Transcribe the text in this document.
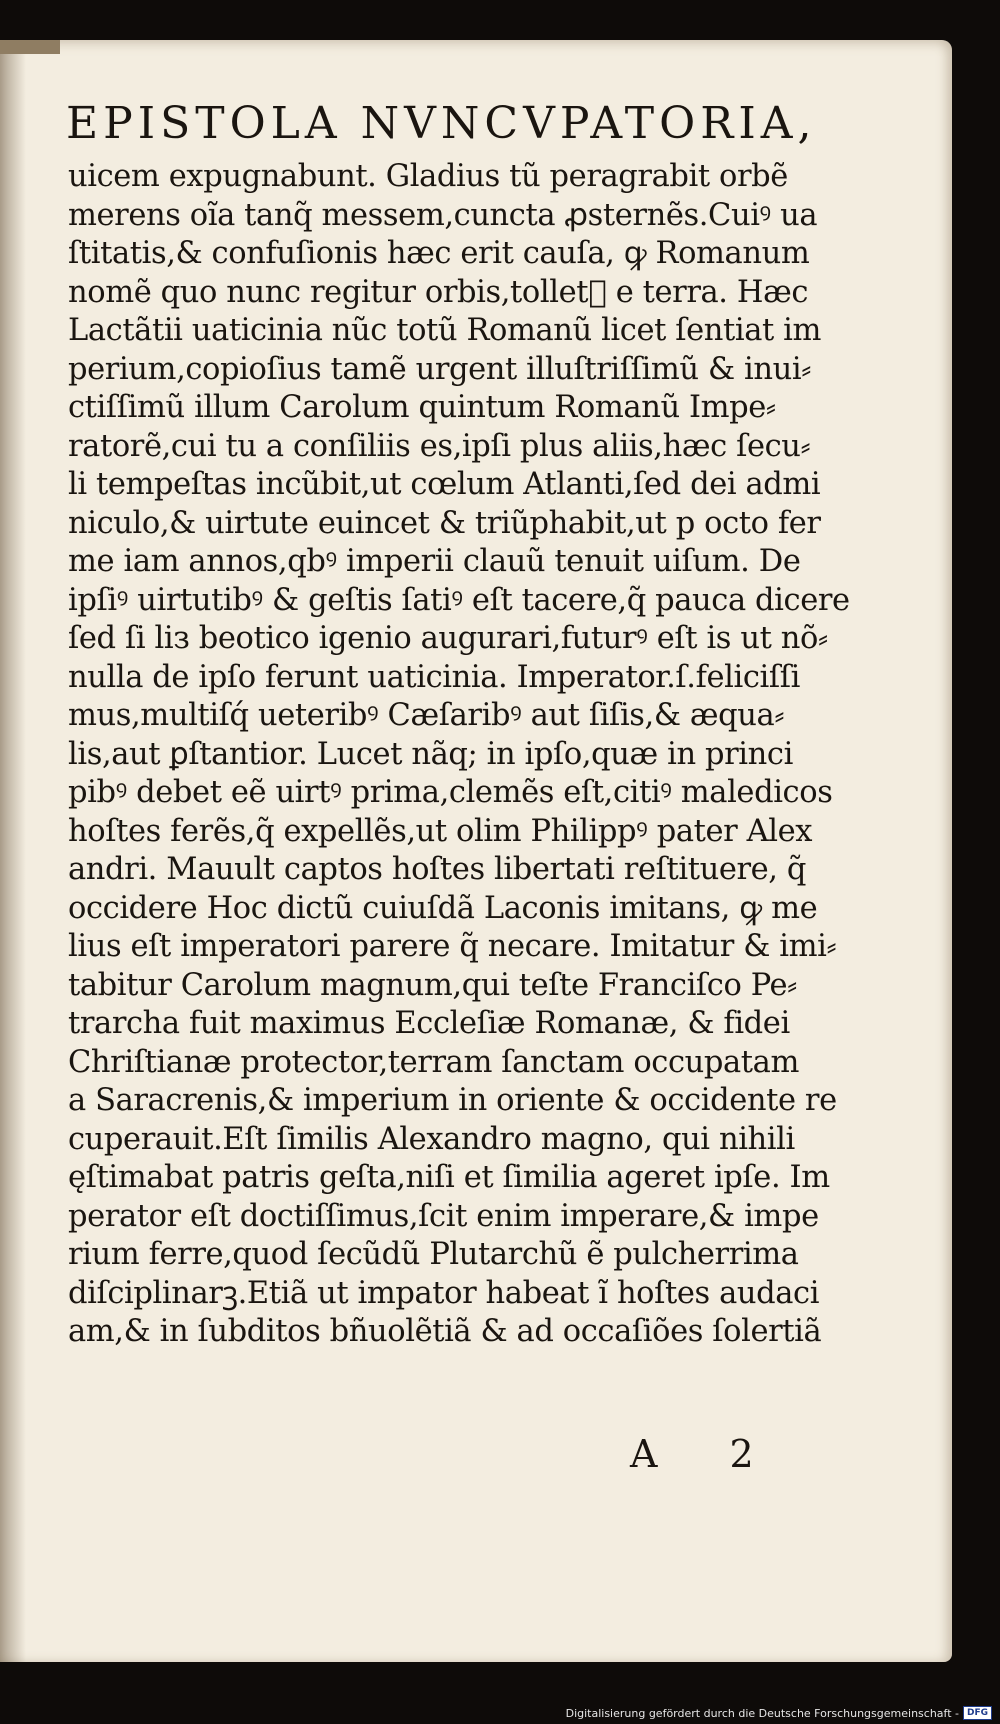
EPISTOLA NVNCVPATORIA,
uicem expugnabunt. Gladius tũ peragrabit orbẽ
merens oĩa tanq̃ messem,cuncta ꝓsternẽs.Cuiꝰ ua
ſtitatis,& confuſionis hæc erit cauſa, ꝙ Romanum
nomẽ quo nunc regitur orbis,tolletᷣ e terra. Hæc
Lactãtii uaticinia nũc totũ Romanũ licet ſentiat im
perium,copioſius tamẽ urgent illuſtriſſimũ & inui⸗
ctiſſimũ illum Carolum quintum Romanũ Impe⸗
ratorẽ,cui tu a conſiliis es,ipſi plus aliis,hæc ſecu⸗
li tempeſtas incũbit,ut cœlum Atlanti,ſed dei admi
niculo,& uirtute euincet & triũphabit,ut p octo fer
me iam annos,qbꝰ imperii clauũ tenuit uiſum. De
ipſiꝰ uirtutibꝰ & geſtis ſatiꝰ eſt tacere,q̃ pauca dicere
ſed ſi liз beotico igenio augurari,futurꝰ eſt is ut nõ⸗
nulla de ipſo ferunt uaticinia. Imperator.ſ.feliciſſi
mus,multiſq́ ueteribꝰ Cæſaribꝰ aut ſiſis,& æqua⸗
lis,aut ꝑſtantior. Lucet nãq; in ipſo,quæ in princi
pibꝰ debet eẽ uirtꝰ prima,clemẽs eſt,citiꝰ maledicos
hoſtes ferẽs,q̃ expellẽs,ut olim Philippꝰ pater Alex
andri. Mauult captos hoſtes libertati reſtituere, q̃
occidere Hoc dictũ cuiuſdã Laconis imitans, ꝙ me
lius eſt imperatori parere q̃ necare. Imitatur & imi⸗
tabitur Carolum magnum,qui teſte Franciſco Pe⸗
trarcha fuit maximus Eccleſiæ Romanæ, & fidei
Chriſtianæ protector,terram ſanctam occupatam
a Saracrenis,& imperium in oriente & occidente re
cuperauit.Eſt ſimilis Alexandro magno, qui nihili
ęſtimabat patris geſta,niſi et ſimilia ageret ipſe. Im
perator eſt doctiſſimus,ſcit enim imperare,& impe
rium ferre,quod ſecũdũ Plutarchũ ẽ pulcherrima
diſciplinarꝫ.Etiã ut impator habeat ĩ hoſtes audaci
am,& in ſubditos bñuolẽtiã & ad occaſiões ſolertiã
A 2
Digitalisierung gefördert durch die Deutsche Forschungsgemeinschaft - DFG
